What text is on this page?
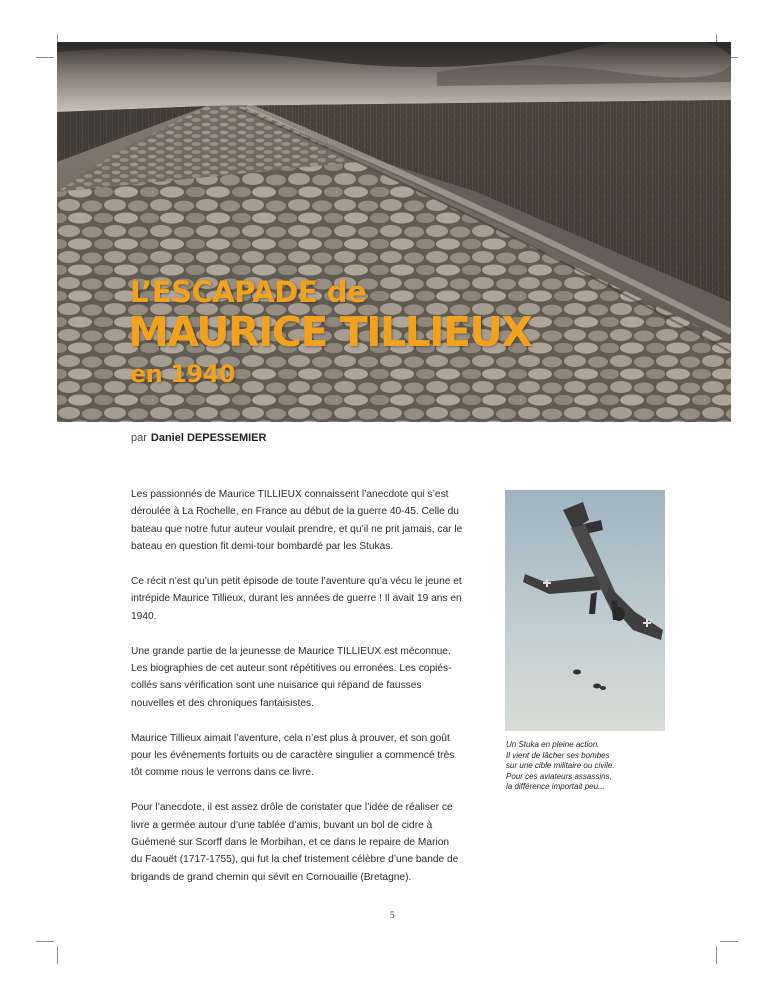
L’ESCAPADE de
MAURICE TILLIEUX
en 1940
par Daniel DEPESSEMIER

Les passionnés de Maurice TILLIEUX connaissent l’anecdote qui s’est déroulée à La Rochelle, en France au début de la guerre 40-45. Celle du bateau que notre futur auteur voulait prendre, et qu’il ne prit jamais, car le bateau en question fit demi-tour bombardé par les Stukas.

Ce récit n’est qu’un petit épisode de toute l’aventure qu’a vécu le jeune et intrépide Maurice Tillieux, durant les années de guerre ! Il avait 19 ans en 1940.

Une grande partie de la jeunesse de Maurice TILLIEUX est méconnue. Les biographies de cet auteur sont répétitives ou erronées. Les copiés-collés sans vérification sont une nuisance qui répand de fausses nouvelles et des chroniques fantaisistes.

Maurice Tillieux aimait l’aventure, cela n’est plus à prouver, et son goût pour les événements fortuits ou de caractère singulier a commencé très tôt comme nous le verrons dans ce livre.

Pour l’anecdote, il est assez drôle de constater que l’idée de réaliser ce livre a germée autour d’une tablée d’amis, buvant un bol de cidre à Guémené sur Scorff dans le Morbihan, et ce dans le repaire de Marion du Faouët (1717-1755), qui fut la chef tristement célèbre d’une bande de brigands de grand chemin qui sévit en Cornouaille (Bretagne).

Un Stuka en pleine action.
Il vient de lâcher ses bombes
sur une cible militaire ou civile.
Pour ces aviateurs assassins,
la différence importait peu...
5
